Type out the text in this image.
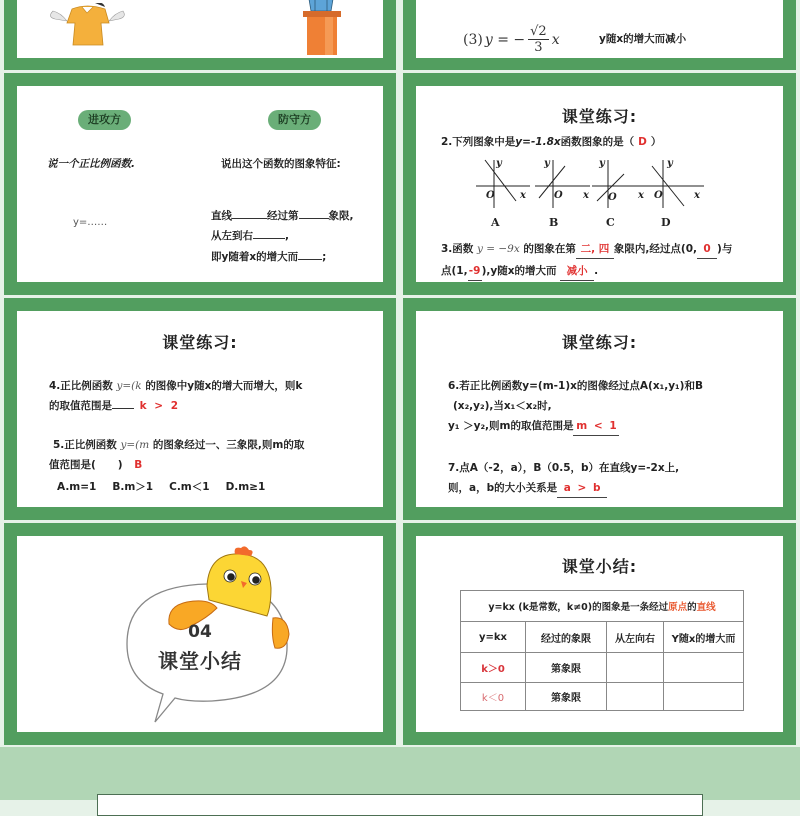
(3) y = − $\frac{√2}{3}$ x	y随x的增大而减小
进攻方	防守方
说一个正比例函数.	说出这个函数的图象特征:
y=……
直线	经过第	象限,
从左到右	,
即y随着x的增大而 ;
课堂练习:
2.下列图象中是y=-1.8x函数图象的是（ D ）
y
O	x
y
O x
y
O x
y
O	x
A	B	C	D
3.函数 y = −9x 的图象在第 二, 四 象限内,经过点(0, 0 )与
点(1,-9),y随x的增大而 减小 .
课堂练习:
4.正比例函数 y=(k 的图像中y随x的增大而增大，则k
的取值范围是	k > 2
5.正比例函数 y=(m 的图象经过一、三象限,则m的取
值范围是(      ) B
A.m=1 B.m＞1 C.m＜1 D.m≥1
课堂练习:
6.若正比例函数y=(m-1)x的图像经过点A(x₁,y₁)和B
(x₂,y₂),当x₁＜x₂时,
y₁ ＞y₂,则m的取值范围是 m < 1
7.点A（-2，a），B（0.5，b）在直线y=-2x上,
则，a，b的大小关系是 a > b
04
课堂小结
课堂小结:
y=kx (k是常数，k≠0)的图象是一条经过原点的直线			
y=kx	经过的象限	从左向右	Y随x的增大而
k＞0	第象限		
k＜0	第象限		
